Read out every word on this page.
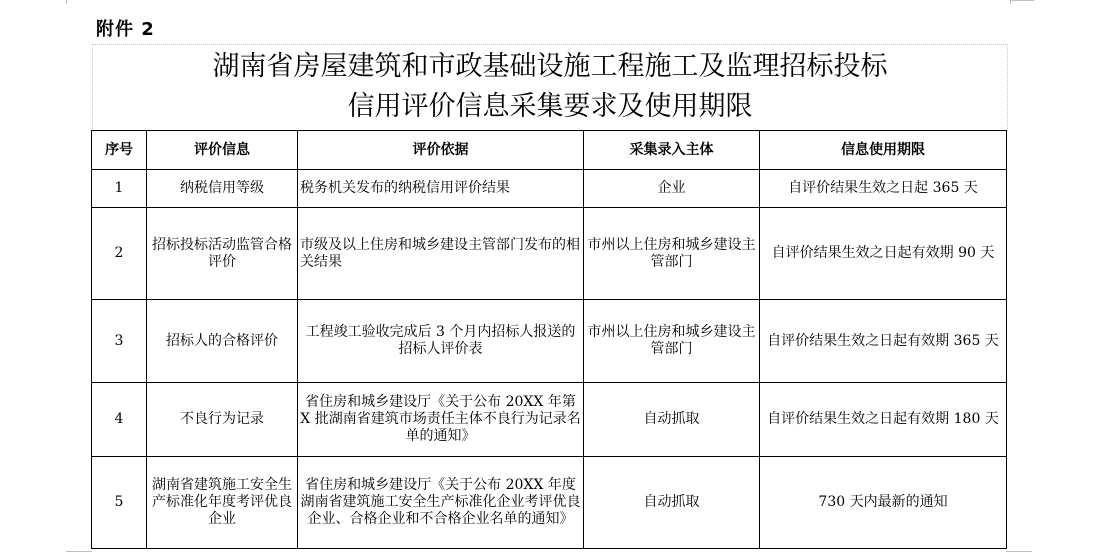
附件 2

湖南省房屋建筑和市政基础设施工程施工及监理招标投标

信用评价信息采集要求及使用期限

序号	评价信息	评价依据	采集录入主体	信息使用期限
1	纳税信用等级	税务机关发布的纳税信用评价结果	企业	自评价结果生效之日起 365 天
2	招标投标活动监管合格评价	市级及以上住房和城乡建设主管部门发布的相关结果	市州以上住房和城乡建设主管部门	自评价结果生效之日起有效期 90 天
3	招标人的合格评价	工程竣工验收完成后 3 个月内招标人报送的招标人评价表	市州以上住房和城乡建设主管部门	自评价结果生效之日起有效期 365 天
4	不良行为记录	省住房和城乡建设厅《关于公布 20XX 年第 X 批湖南省建筑市场责任主体不良行为记录名单的通知》	自动抓取	自评价结果生效之日起有效期 180 天
5	湖南省建筑施工安全生产标准化年度考评优良企业	省住房和城乡建设厅《关于公布 20XX 年度湖南省建筑施工安全生产标准化企业考评优良企业、合格企业和不合格企业名单的通知》	自动抓取	730 天内最新的通知
